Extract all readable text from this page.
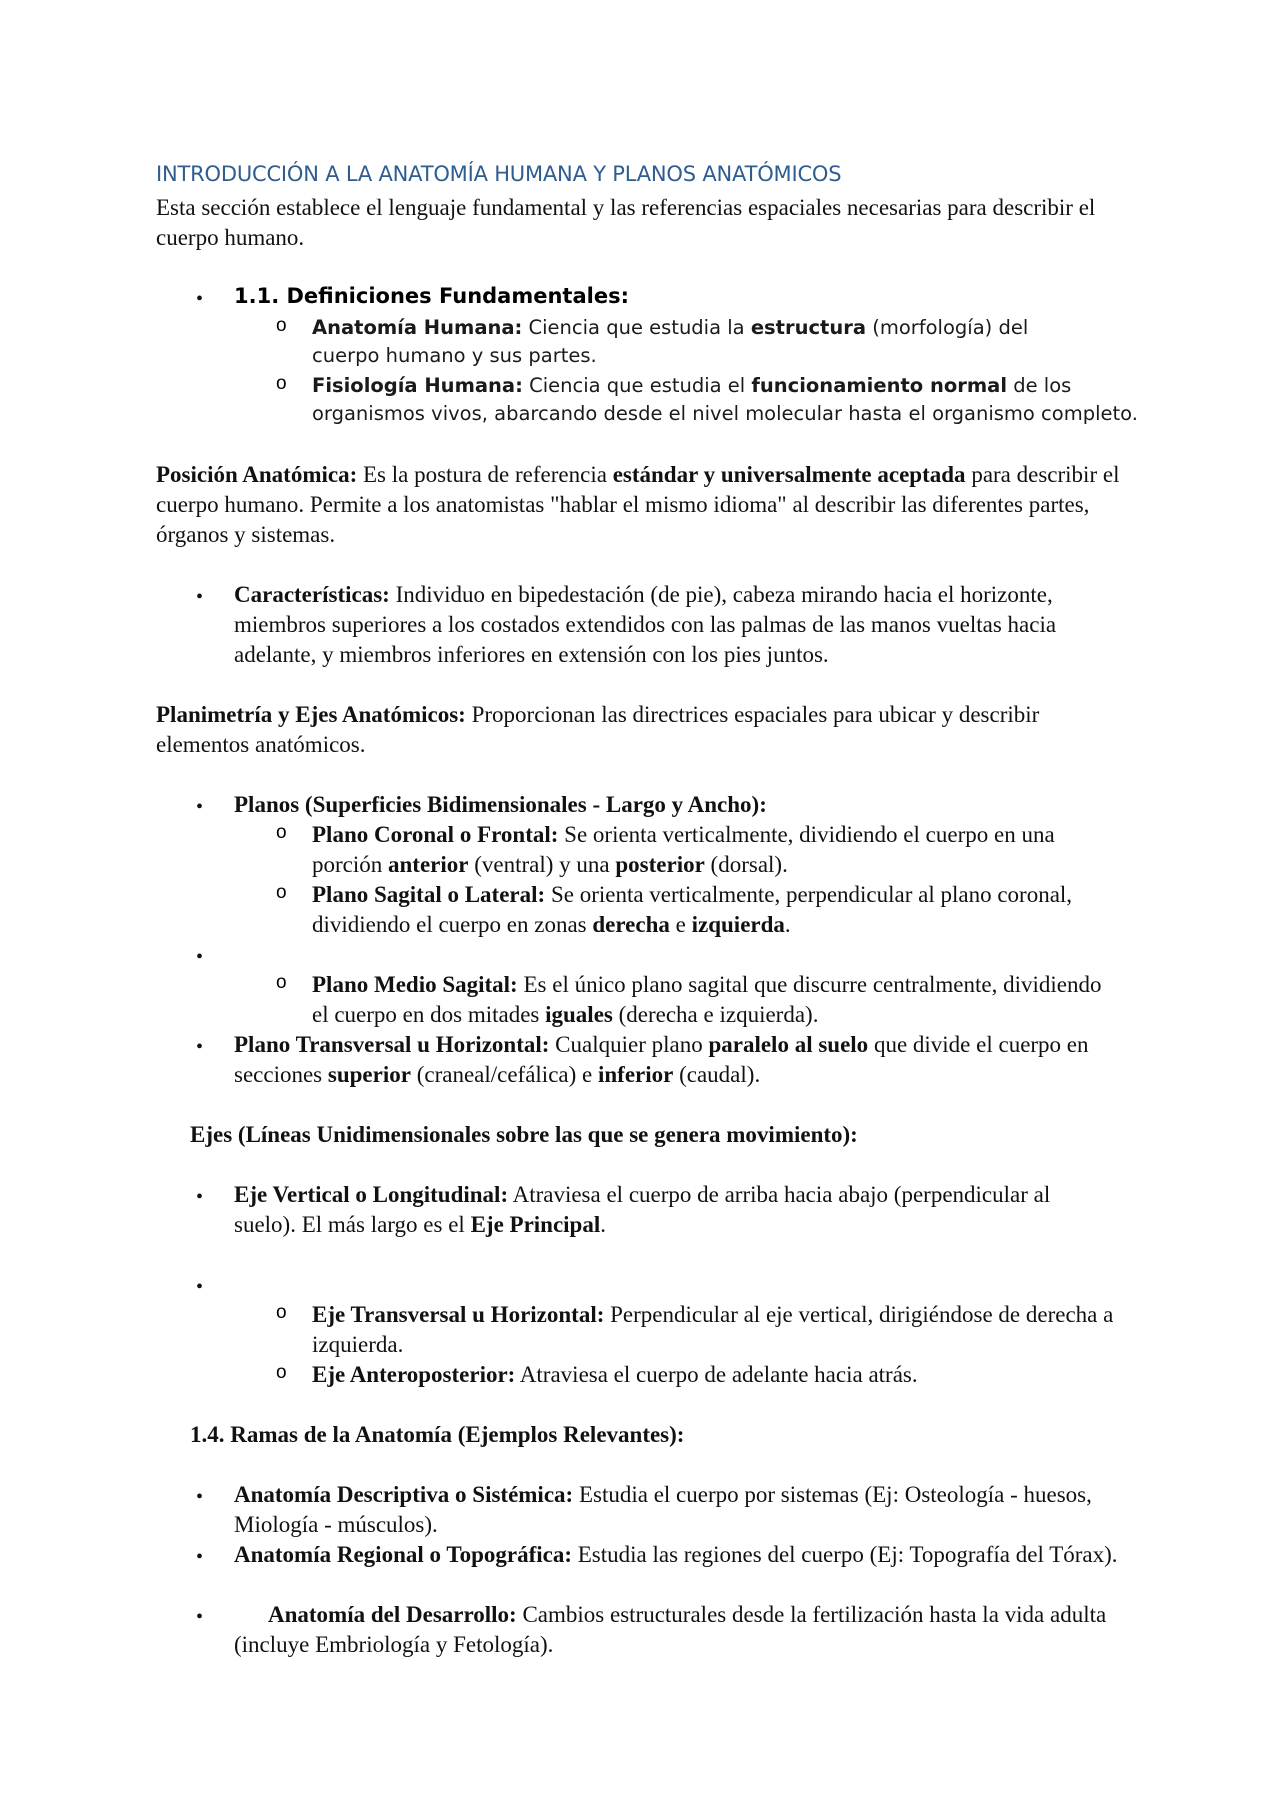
INTRODUCCIÓN A LA ANATOMÍA HUMANA Y PLANOS ANATÓMICOS

Esta sección establece el lenguaje fundamental y las referencias espaciales necesarias para describir el cuerpo humano.

• 1.1. Definiciones Fundamentales:
o Anatomía Humana: Ciencia que estudia la estructura (morfología) del cuerpo humano y sus partes.

o Fisiología Humana: Ciencia que estudia el funcionamiento normal de los organismos vivos, abarcando desde el nivel molecular hasta el organismo completo.

Posición Anatómica: Es la postura de referencia estándar y universalmente aceptada para describir el cuerpo humano. Permite a los anatomistas "hablar el mismo idioma" al describir las diferentes partes, órganos y sistemas.

• Características: Individuo en bipedestación (de pie), cabeza mirando hacia el horizonte, miembros superiores a los costados extendidos con las palmas de las manos vueltas hacia adelante, y miembros inferiores en extensión con los pies juntos.

Planimetría y Ejes Anatómicos: Proporcionan las directrices espaciales para ubicar y describir elementos anatómicos.

• Planos (Superficies Bidimensionales - Largo y Ancho):

o Plano Coronal o Frontal: Se orienta verticalmente, dividiendo el cuerpo en una porción anterior (ventral) y una posterior (dorsal).

o Plano Sagital o Lateral: Se orienta verticalmente, perpendicular al plano coronal, dividiendo el cuerpo en zonas derecha e izquierda.

•
o Plano Medio Sagital: Es el único plano sagital que discurre centralmente, dividiendo el cuerpo en dos mitades iguales (derecha e izquierda).

• Plano Transversal u Horizontal: Cualquier plano paralelo al suelo que divide el cuerpo en secciones superior (craneal/cefálica) e inferior (caudal).

Ejes (Líneas Unidimensionales sobre las que se genera movimiento):

• Eje Vertical o Longitudinal: Atraviesa el cuerpo de arriba hacia abajo (perpendicular al suelo). El más largo es el Eje Principal.

•
o Eje Transversal u Horizontal: Perpendicular al eje vertical, dirigiéndose de derecha a izquierda.

o Eje Anteroposterior: Atraviesa el cuerpo de adelante hacia atrás.

1.4. Ramas de la Anatomía (Ejemplos Relevantes):

• Anatomía Descriptiva o Sistémica: Estudia el cuerpo por sistemas (Ej: Osteología - huesos, Miología - músculos).

• Anatomía Regional o Topográfica: Estudia las regiones del cuerpo (Ej: Topografía del Tórax).

•	Anatomía del Desarrollo: Cambios estructurales desde la fertilización hasta la vida adulta (incluye Embriología y Fetología).
